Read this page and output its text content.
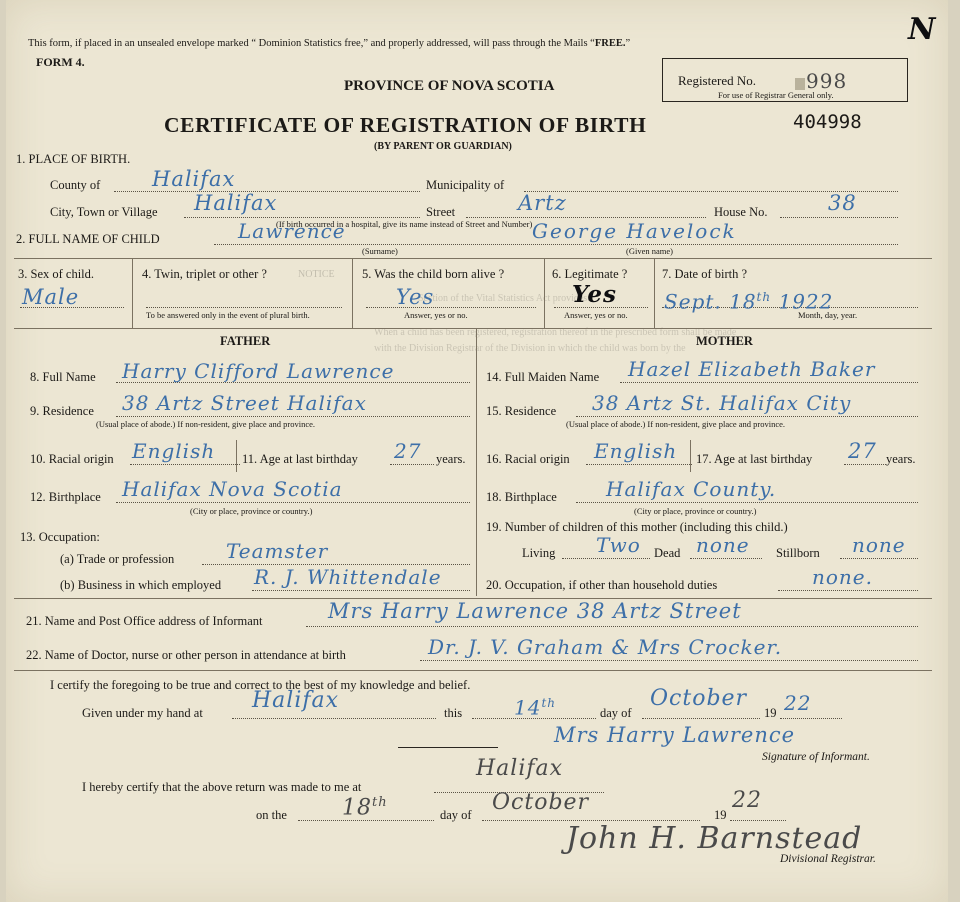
NOTICE
Section of the Vital Statistics Act provides:
When a child has been registered, registration thereof in the prescribed form shall be made
with the Division Registrar of the Division in which the child was born by the
This form, if placed in an unsealed envelope marked “ Dominion Statistics free,” and properly addressed, will pass through the Mails “FREE.”
FORM 4.
PROVINCE OF NOVA SCOTIA
CERTIFICATE OF REGISTRATION OF BIRTH
(BY PARENT OR GUARDIAN)
Registered No.	998
For use of Registrar General only.
N
404998
1. PLACE OF BIRTH.
County of Halifax	Municipality of
City, Town or Village Halifax	Street	Artz	House No.	38
(If birth occurred in a hospital, give its name instead of Street and Number)
2. FULL NAME OF CHILD	Lawrence	George Havelock
(Surname)	(Given name)
3. Sex of child.
Male
4. Twin, triplet or other ?
To be answered only in the event of plural birth.
5. Was the child born alive ?
Yes
Answer, yes or no.
6. Legitimate ?
Yes
Answer, yes or no.
7. Date of birth ?
Sept. 18th 1922
Month, day, year.
FATHER	MOTHER
8. Full Name Harry Clifford Lawrence
9. Residence 38 Artz Street Halifax
(Usual place of abode.) If non-resident, give place and province.
10. Racial origin English 11. Age at last birthday 27 years.
12. Birthplace Halifax Nova Scotia
(City or place, province or country.)
13. Occupation:
(a) Trade or profession	Teamster
(b) Business in which employed R. J. Whittendale
14. Full Maiden Name Hazel Elizabeth Baker
15. Residence 38 Artz St. Halifax City
(Usual place of abode.) If non-resident, give place and province.
16. Racial origin English 17. Age at last birthday 27 years.
18. Birthplace Halifax County.
(City or place, province or country.)
19. Number of children of this mother (including this child.)
Living Two Dead none Stillborn none
20. Occupation, if other than household duties	none.
21. Name and Post Office address of Informant	Mrs Harry Lawrence 38 Artz Street
22. Name of Doctor, nurse or other person in attendance at birth	Dr. J. V. Graham & Mrs Crocker.
I certify the foregoing to be true and correct to the best of my knowledge and belief.
Given under my hand at Halifax	this	14th
day of
October
19 22
Mrs Harry Lawrence
Signature of Informant.
Halifax
I hereby certify that the above return was made to me at
on the	18th
day of October	19
22
John H. Barnstead
Divisional Registrar.
